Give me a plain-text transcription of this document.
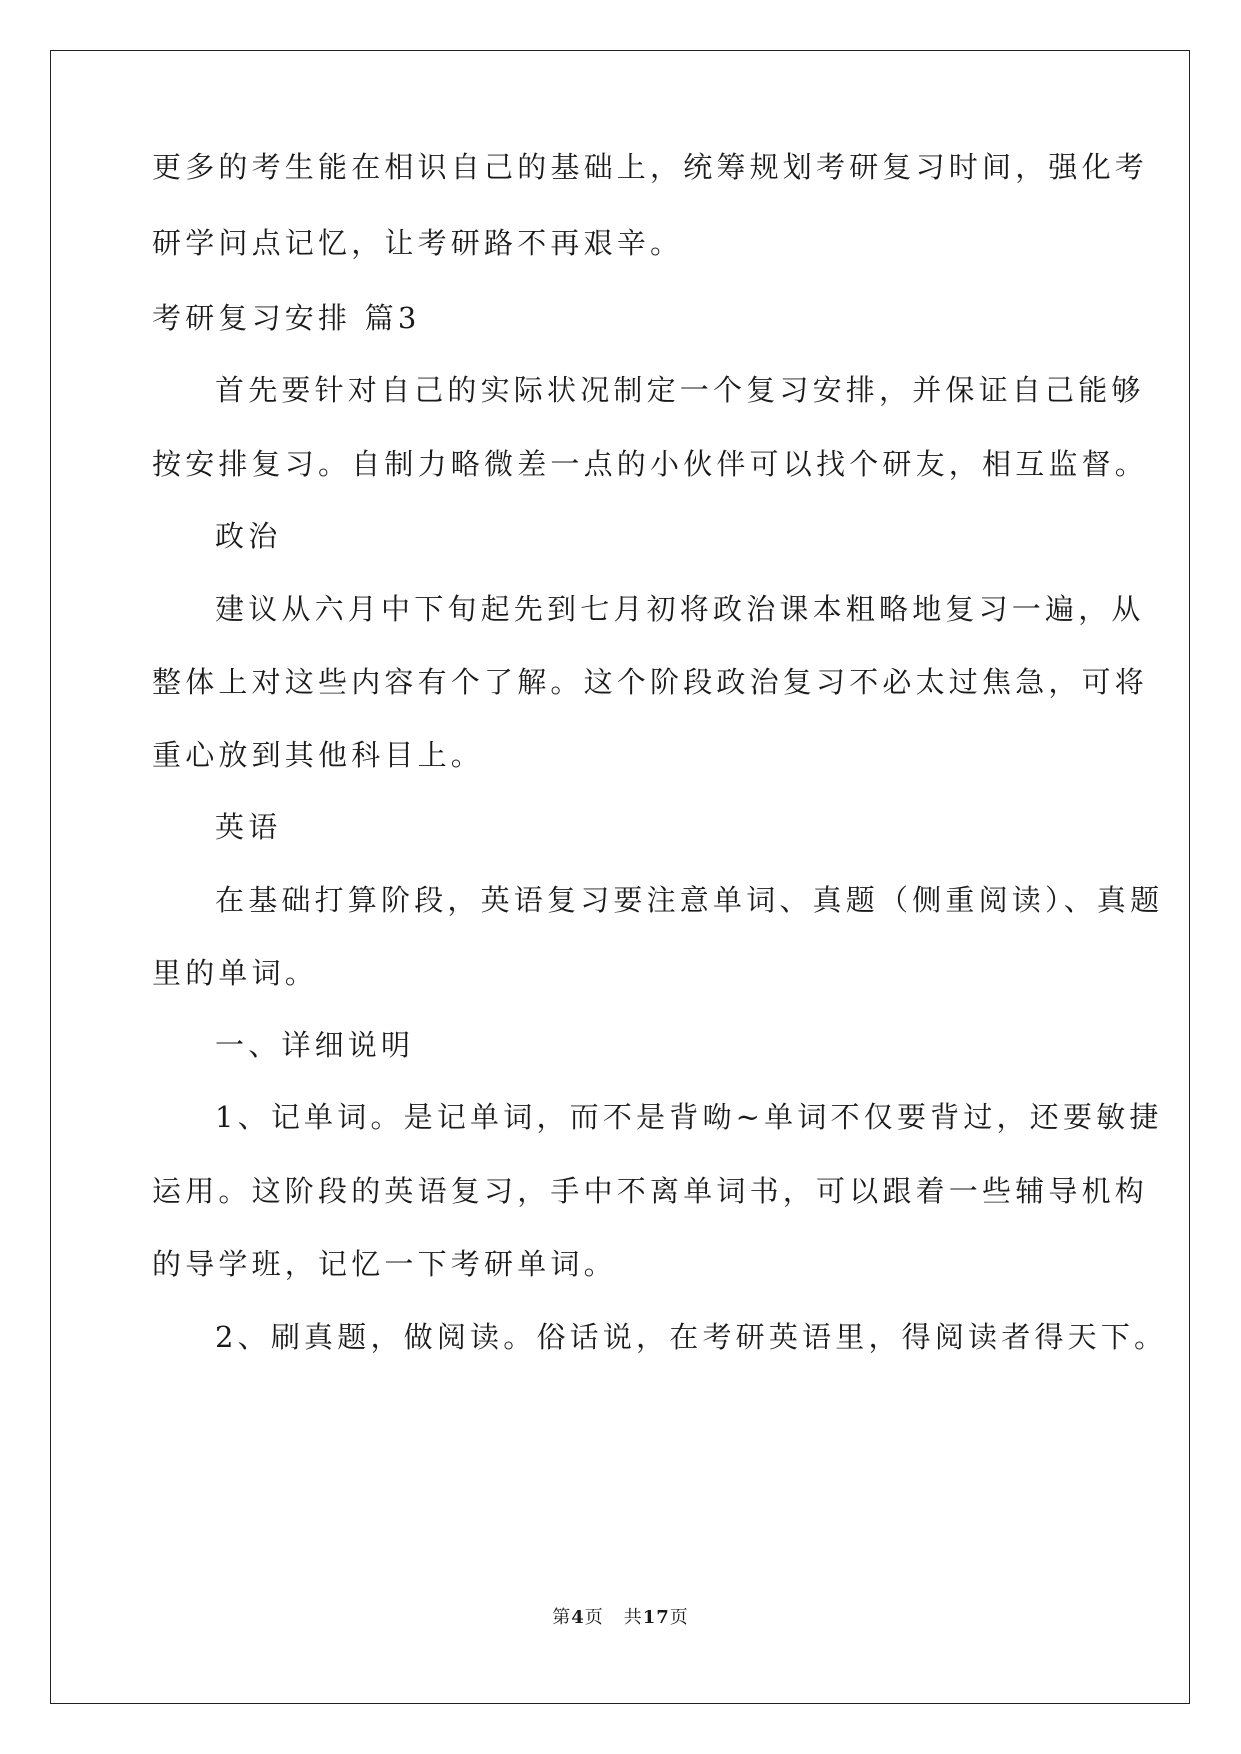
更多的考生能在相识自己的基础上，统筹规划考研复习时间，强化考
研学问点记忆，让考研路不再艰辛。
考研复习安排 篇3
首先要针对自己的实际状况制定一个复习安排，并保证自己能够
按安排复习。自制力略微差一点的小伙伴可以找个研友，相互监督。
政治
建议从六月中下旬起先到七月初将政治课本粗略地复习一遍，从
整体上对这些内容有个了解。这个阶段政治复习不必太过焦急，可将
重心放到其他科目上。
英语
在基础打算阶段，英语复习要注意单词、真题（侧重阅读）、真题
里的单词。
一、详细说明
1、记单词。是记单词，而不是背呦~单词不仅要背过，还要敏捷
运用。这阶段的英语复习，手中不离单词书，可以跟着一些辅导机构
的导学班，记忆一下考研单词。
2、刷真题，做阅读。俗话说，在考研英语里，得阅读者得天下。
第4页 共17页
